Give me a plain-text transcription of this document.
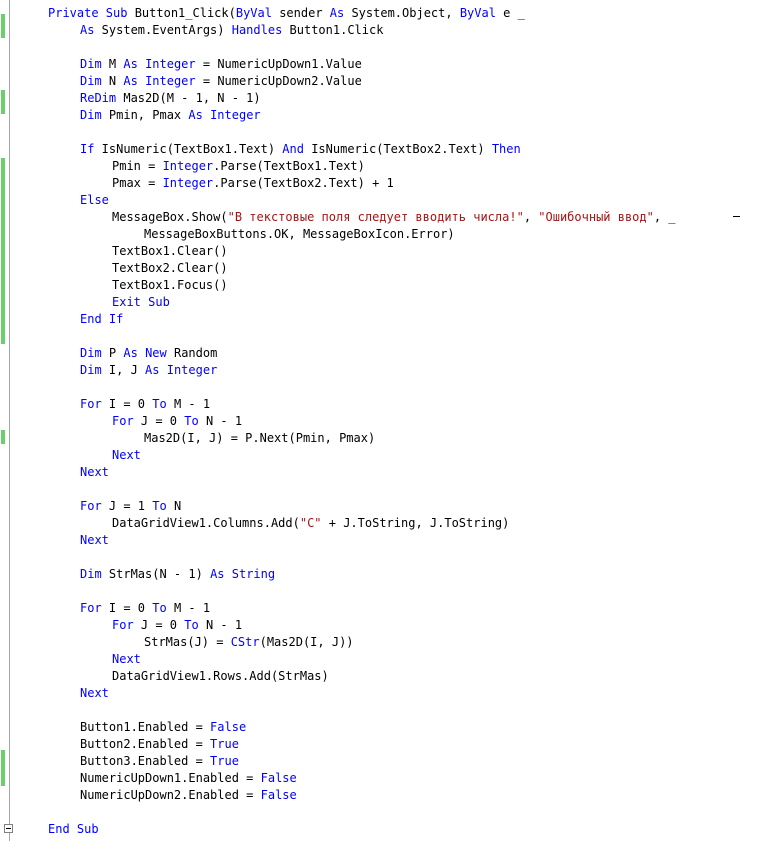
Private Sub Button1_Click(ByVal sender As System.Object, ByVal e _
As System.EventArgs) Handles Button1.Click
Dim M As Integer = NumericUpDown1.Value
Dim N As Integer = NumericUpDown2.Value
ReDim Mas2D(M - 1, N - 1)
Dim Pmin, Pmax As Integer
If IsNumeric(TextBox1.Text) And IsNumeric(TextBox2.Text) Then
Pmin = Integer.Parse(TextBox1.Text)
Pmax = Integer.Parse(TextBox2.Text) + 1
Else
MessageBox.Show("В текстовые поля следует вводить числа!", "Ошибочный ввод", _
MessageBoxButtons.OK, MessageBoxIcon.Error)
TextBox1.Clear()
TextBox2.Clear()
TextBox1.Focus()
Exit Sub
End If
Dim P As New Random
Dim I, J As Integer
For I = 0 To M - 1
For J = 0 To N - 1
Mas2D(I, J) = P.Next(Pmin, Pmax)
Next
Next
For J = 1 To N
DataGridView1.Columns.Add("C" + J.ToString, J.ToString)
Next
Dim StrMas(N - 1) As String
For I = 0 To M - 1
For J = 0 To N - 1
StrMas(J) = CStr(Mas2D(I, J))
Next
DataGridView1.Rows.Add(StrMas)
Next
Button1.Enabled = False
Button2.Enabled = True
Button3.Enabled = True
NumericUpDown1.Enabled = False
NumericUpDown2.Enabled = False
End Sub
